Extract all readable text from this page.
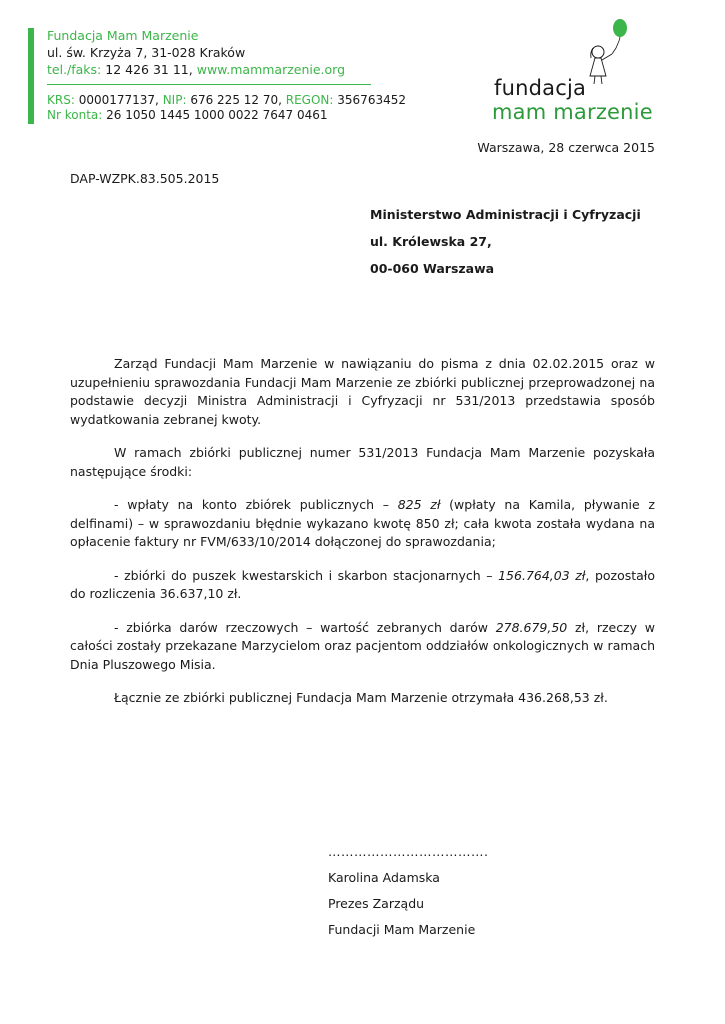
Fundacja Mam Marzenie
ul. św. Krzyża 7, 31-028 Kraków
tel./faks: 12 426 31 11, www.mammarzenie.org
KRS: 0000177137, NIP: 676 225 12 70, REGON: 356763452
Nr konta: 26 1050 1445 1000 0022 7647 0461
fundacja
mam marzenie
Warszawa, 28 czerwca 2015
DAP-WZPK.83.505.2015
Ministerstwo Administracji i Cyfryzacji
ul. Królewska 27,
00-060 Warszawa

Zarząd Fundacji Mam Marzenie w nawiązaniu do pisma z dnia 02.02.2015 oraz w uzupełnieniu sprawozdania Fundacji Mam Marzenie ze zbiórki publicznej przeprowadzonej na podstawie decyzji Ministra Administracji i Cyfryzacji nr 531/2013 przedstawia sposób wydatkowania zebranej kwoty.

W ramach zbiórki publicznej numer 531/2013 Fundacja Mam Marzenie pozyskała następujące środki:

- wpłaty na konto zbiórek publicznych – 825 zł (wpłaty na Kamila, pływanie z delfinami) – w sprawozdaniu błędnie wykazano kwotę 850 zł; cała kwota została wydana na opłacenie faktury nr FVM/633/10/2014 dołączonej do sprawozdania;

- zbiórki do puszek kwestarskich i skarbon stacjonarnych – 156.764,03 zł, pozostało do rozliczenia 36.637,10 zł.

- zbiórka darów rzeczowych – wartość zebranych darów 278.679,50 zł, rzeczy w całości zostały przekazane Marzycielom oraz pacjentom oddziałów onkologicznych w ramach Dnia Pluszowego Misia.

Łącznie ze zbiórki publicznej Fundacja Mam Marzenie otrzymała 436.268,53 zł.

……………………………….
Karolina Adamska
Prezes Zarządu
Fundacji Mam Marzenie
